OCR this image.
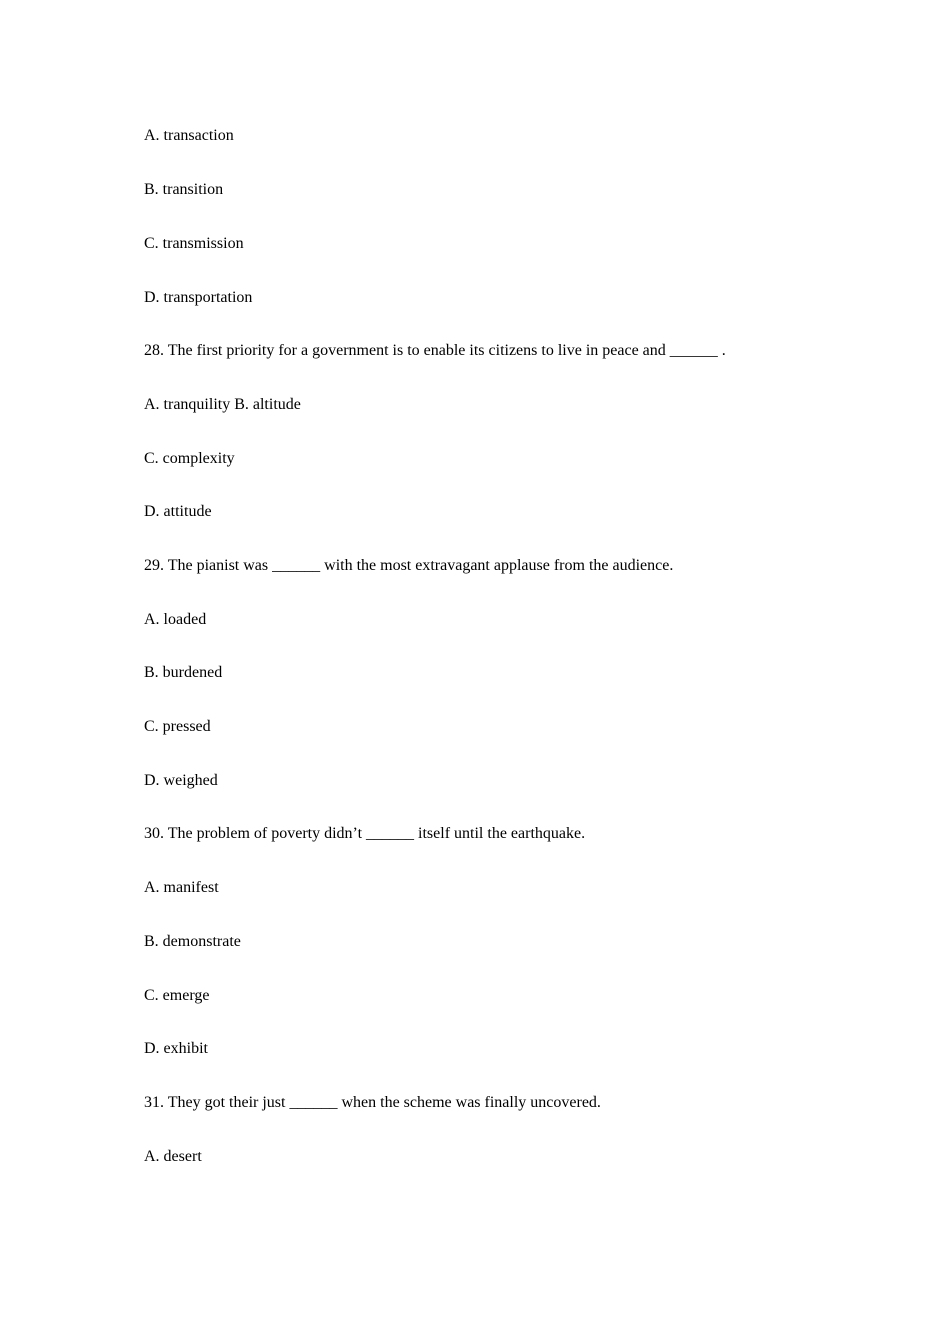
A. transaction
B. transition
C. transmission
D. transportation
28. The first priority for a government is to enable its citizens to live in peace and ______ .
A. tranquility B. altitude
C. complexity
D. attitude
29. The pianist was ______ with the most extravagant applause from the audience.
A. loaded
B. burdened
C. pressed
D. weighed
30. The problem of poverty didn’t ______ itself until the earthquake.
A. manifest
B. demonstrate
C. emerge
D. exhibit
31. They got their just ______ when the scheme was finally uncovered.
A. desert
